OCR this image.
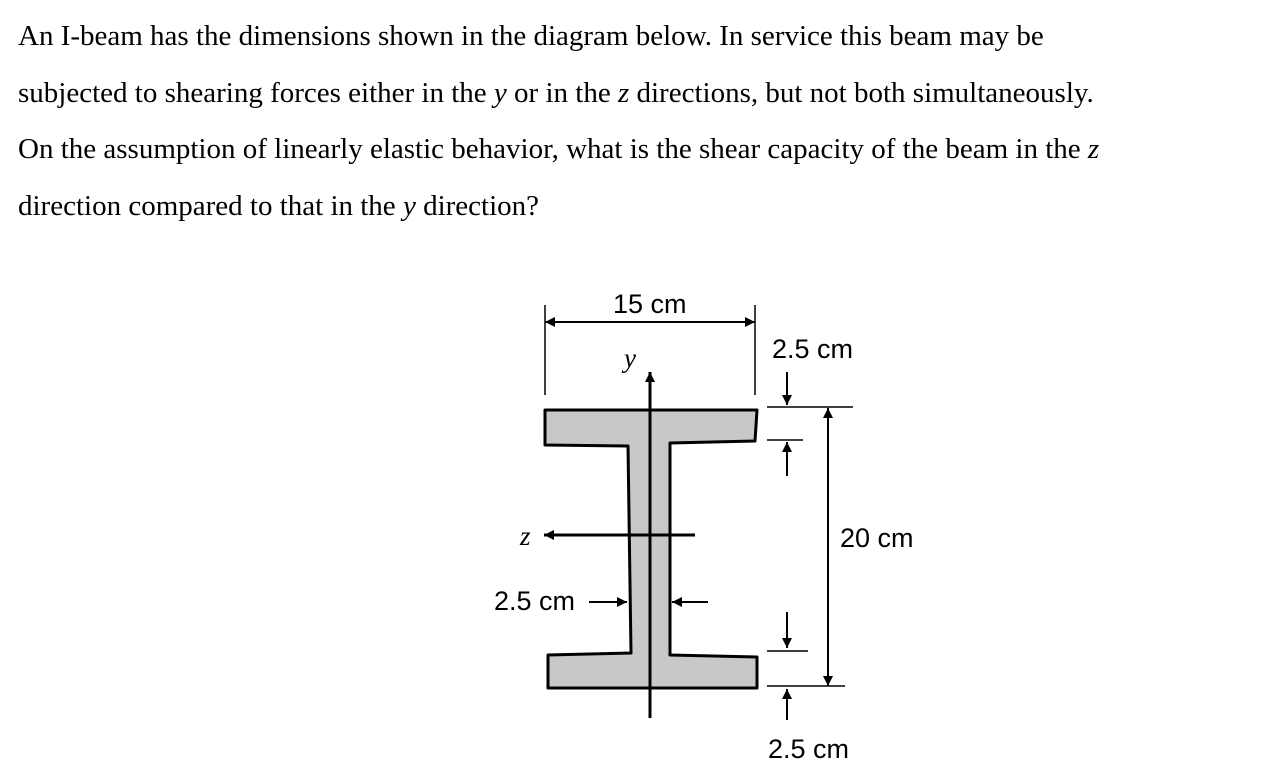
An I-beam has the dimensions shown in the diagram below. In service this beam may be
subjected to shearing forces either in the y or in the z directions, but not both simultaneously.
On the assumption of linearly elastic behavior, what is the shear capacity of the beam in the z
direction compared to that in the y direction?
y
z
15 cm
2.5 cm
20 cm
2.5 cm
2.5 cm
